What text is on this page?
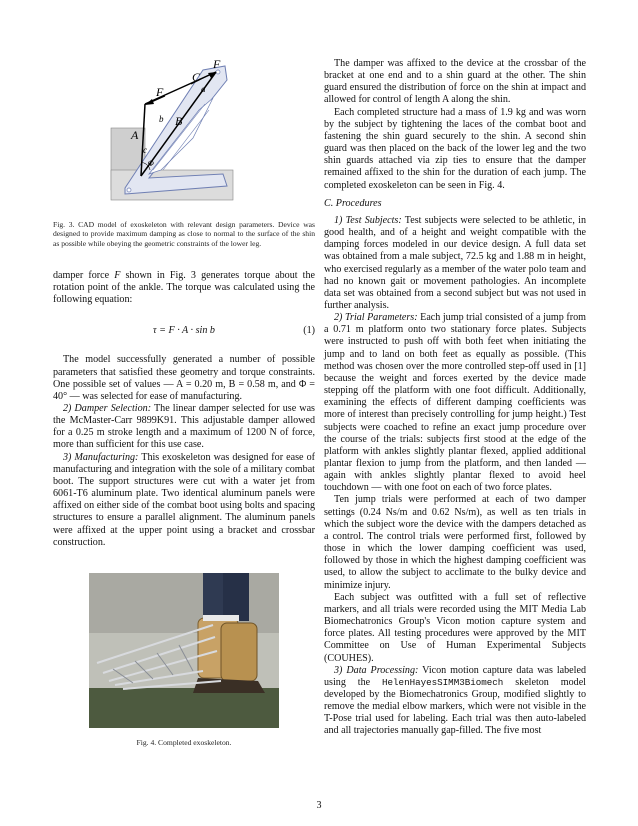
F
F	a
b
c
C
B
A
Φ

Fig. 3. CAD model of exoskeleton with relevant design parameters. Device was designed to provide maximum damping as close to normal to the surface of the shin as possible while obeying the geometric constraints of the lower leg.

damper force F shown in Fig. 3 generates torque about the rotation point of the ankle. The torque was calculated using the following equation:

τ = F · A · sin b	(1)

The model successfully generated a number of possible parameters that satisfied these geometry and torque constraints. One possible set of values — A = 0.20 m, B = 0.58 m, and Φ = 40° — was selected for ease of manufacturing.

2) Damper Selection: The linear damper selected for use was the McMaster-Carr 9899K91. This adjustable damper allowed for a 0.25 m stroke length and a maximum of 1200 N of force, more than sufficient for this use case.

3) Manufacturing: This exoskeleton was designed for ease of manufacturing and integration with the sole of a military combat boot. The support structures were cut with a water jet from 6061-T6 aluminum plate. Two identical aluminum panels were affixed on either side of the combat boot using bolts and spacing structures to ensure a parallel alignment. The aluminum panels were affixed at the upper point using a bracket and crossbar construction.

Fig. 4. Completed exoskeleton.

The damper was affixed to the device at the crossbar of the bracket at one end and to a shin guard at the other. The shin guard ensured the distribution of force on the shin at impact and allowed for control of length A along the shin.

Each completed structure had a mass of 1.9 kg and was worn by the subject by tightening the laces of the combat boot and fastening the shin guard securely to the shin. A second shin guard was then placed on the back of the lower leg and the two shin guards attached via zip ties to ensure that the damper remained affixed to the shin for the duration of each jump. The completed exoskeleton can be seen in Fig. 4.

C. Procedures

1) Test Subjects: Test subjects were selected to be athletic, in good health, and of a height and weight compatible with the damping forces modeled in our device design. A full data set was obtained from a male subject, 72.5 kg and 1.88 m in height, who exercised regularly as a member of the water polo team and had no known gait or movement pathologies. An incomplete data set was obtained from a second subject but was not used in further analysis.

2) Trial Parameters: Each jump trial consisted of a jump from a 0.71 m platform onto two stationary force plates. Subjects were instructed to push off with both feet when initiating the jump and to land on both feet as equally as possible. (This method was chosen over the more controlled step-off used in [1] because the weight and forces exerted by the device made stepping off the platform with one foot difficult. Additionally, examining the effects of different damping coefficients was more of interest than precisely controlling for jump height.) Test subjects were coached to refine an exact jump procedure over the course of the trials: subjects first stood at the edge of the platform with ankles slightly plantar flexed, applied additional plantar flexion to jump from the platform, and then landed — again with ankles slightly plantar flexed to avoid heel touchdown — with one foot on each of two force plates.

Ten jump trials were performed at each of two damper settings (0.24 Ns/m and 0.62 Ns/m), as well as ten trials in which the subject wore the device with the dampers detached as a control. The control trials were performed first, followed by those in which the lower damping coefficient was used, followed by those in which the highest damping coefficient was used, to allow the subject to acclimate to the bulky device and minimize injury.

Each subject was outfitted with a full set of reflective markers, and all trials were recorded using the MIT Media Lab Biomechatronics Group's Vicon motion capture system and force plates. All testing procedures were approved by the MIT Committee on Use of Human Experimental Subjects (COUHES).

3) Data Processing: Vicon motion capture data was labeled using the HelenHayesSIMM3Biomech skeleton model developed by the Biomechatronics Group, modified slightly to remove the medial elbow markers, which were not visible in the T-Pose trial used for labeling. Each trial was then auto-labeled and all trajectories manually gap-filled. The five most

3
